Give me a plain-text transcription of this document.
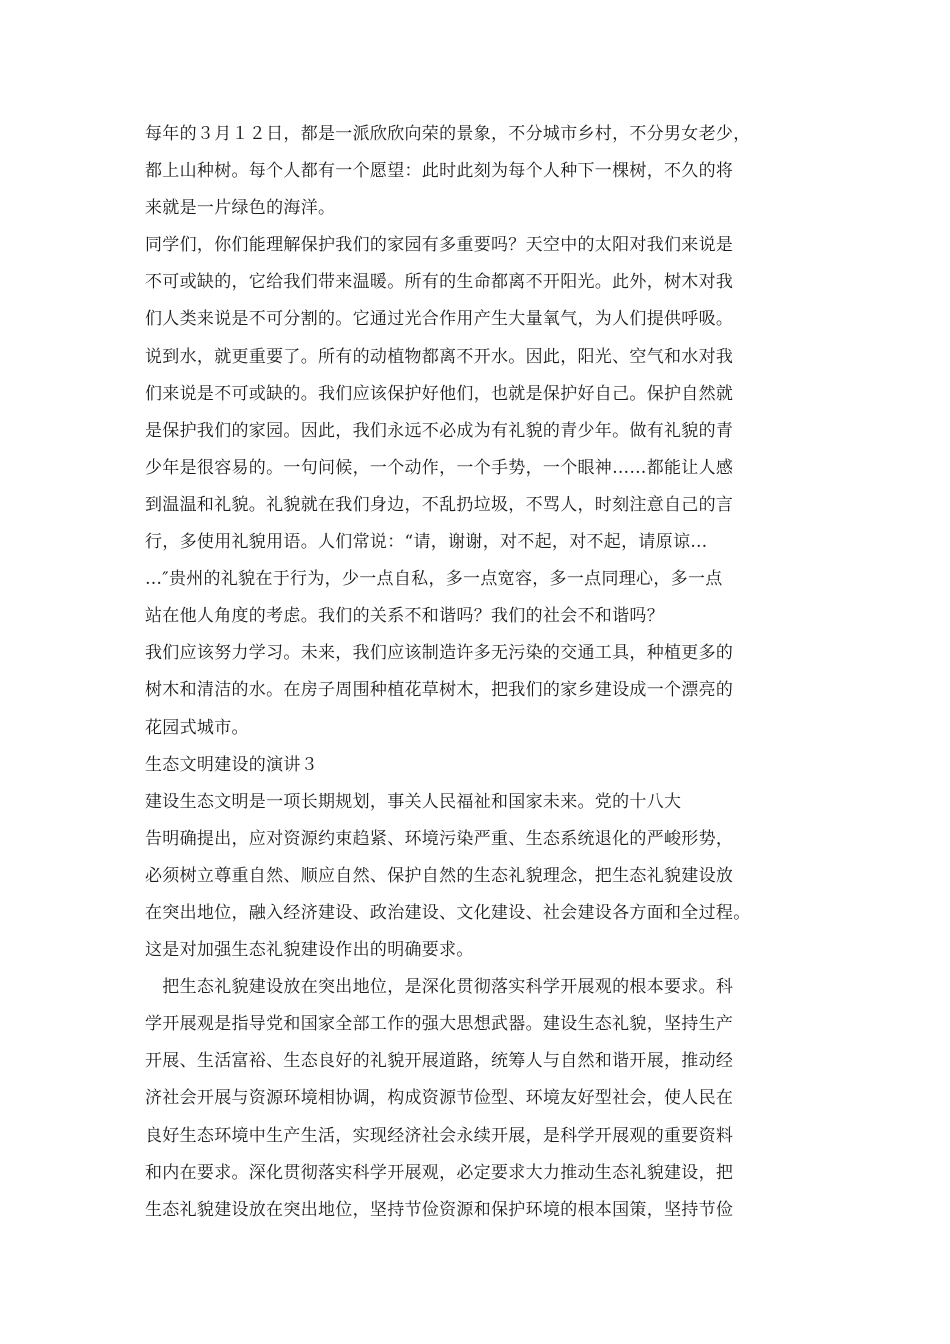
每年的３月１２日，都是一派欣欣向荣的景象，不分城市乡村，不分男女老少，
都上山种树。每个人都有一个愿望：此时此刻为每个人种下一棵树，不久的将
来就是一片绿色的海洋。
同学们，你们能理解保护我们的家园有多重要吗？天空中的太阳对我们来说是
不可或缺的，它给我们带来温暖。所有的生命都离不开阳光。此外，树木对我
们人类来说是不可分割的。它通过光合作用产生大量氧气，为人们提供呼吸。
说到水，就更重要了。所有的动植物都离不开水。因此，阳光、空气和水对我
们来说是不可或缺的。我们应该保护好他们，也就是保护好自己。保护自然就
是保护我们的家园。因此，我们永远不必成为有礼貌的青少年。做有礼貌的青
少年是很容易的。一句问候，一个动作，一个手势，一个眼神……都能让人感
到温温和礼貌。礼貌就在我们身边，不乱扔垃圾，不骂人，时刻注意自己的言
行，多使用礼貌用语。人们常说：“请，谢谢，对不起，对不起，请原谅…
…″贵州的礼貌在于行为，少一点自私，多一点宽容，多一点同理心，多一点
站在他人角度的考虑。我们的关系不和谐吗？我们的社会不和谐吗？
我们应该努力学习。未来，我们应该制造许多无污染的交通工具，种植更多的
树木和清洁的水。在房子周围种植花草树木，把我们的家乡建设成一个漂亮的
花园式城市。
生态文明建设的演讲３
建设生态文明是一项长期规划，事关人民福祉和国家未来。党的十八大
告明确提出，应对资源约束趋紧、环境污染严重、生态系统退化的严峻形势，
必须树立尊重自然、顺应自然、保护自然的生态礼貌理念，把生态礼貌建设放
在突出地位，融入经济建设、政治建设、文化建设、社会建设各方面和全过程。
这是对加强生态礼貌建设作出的明确要求。
　把生态礼貌建设放在突出地位，是深化贯彻落实科学开展观的根本要求。科
学开展观是指导党和国家全部工作的强大思想武器。建设生态礼貌，坚持生产
开展、生活富裕、生态良好的礼貌开展道路，统筹人与自然和谐开展，推动经
济社会开展与资源环境相协调，构成资源节俭型、环境友好型社会，使人民在
良好生态环境中生产生活，实现经济社会永续开展，是科学开展观的重要资料
和内在要求。深化贯彻落实科学开展观，必定要求大力推动生态礼貌建设，把
生态礼貌建设放在突出地位，坚持节俭资源和保护环境的根本国策，坚持节俭
